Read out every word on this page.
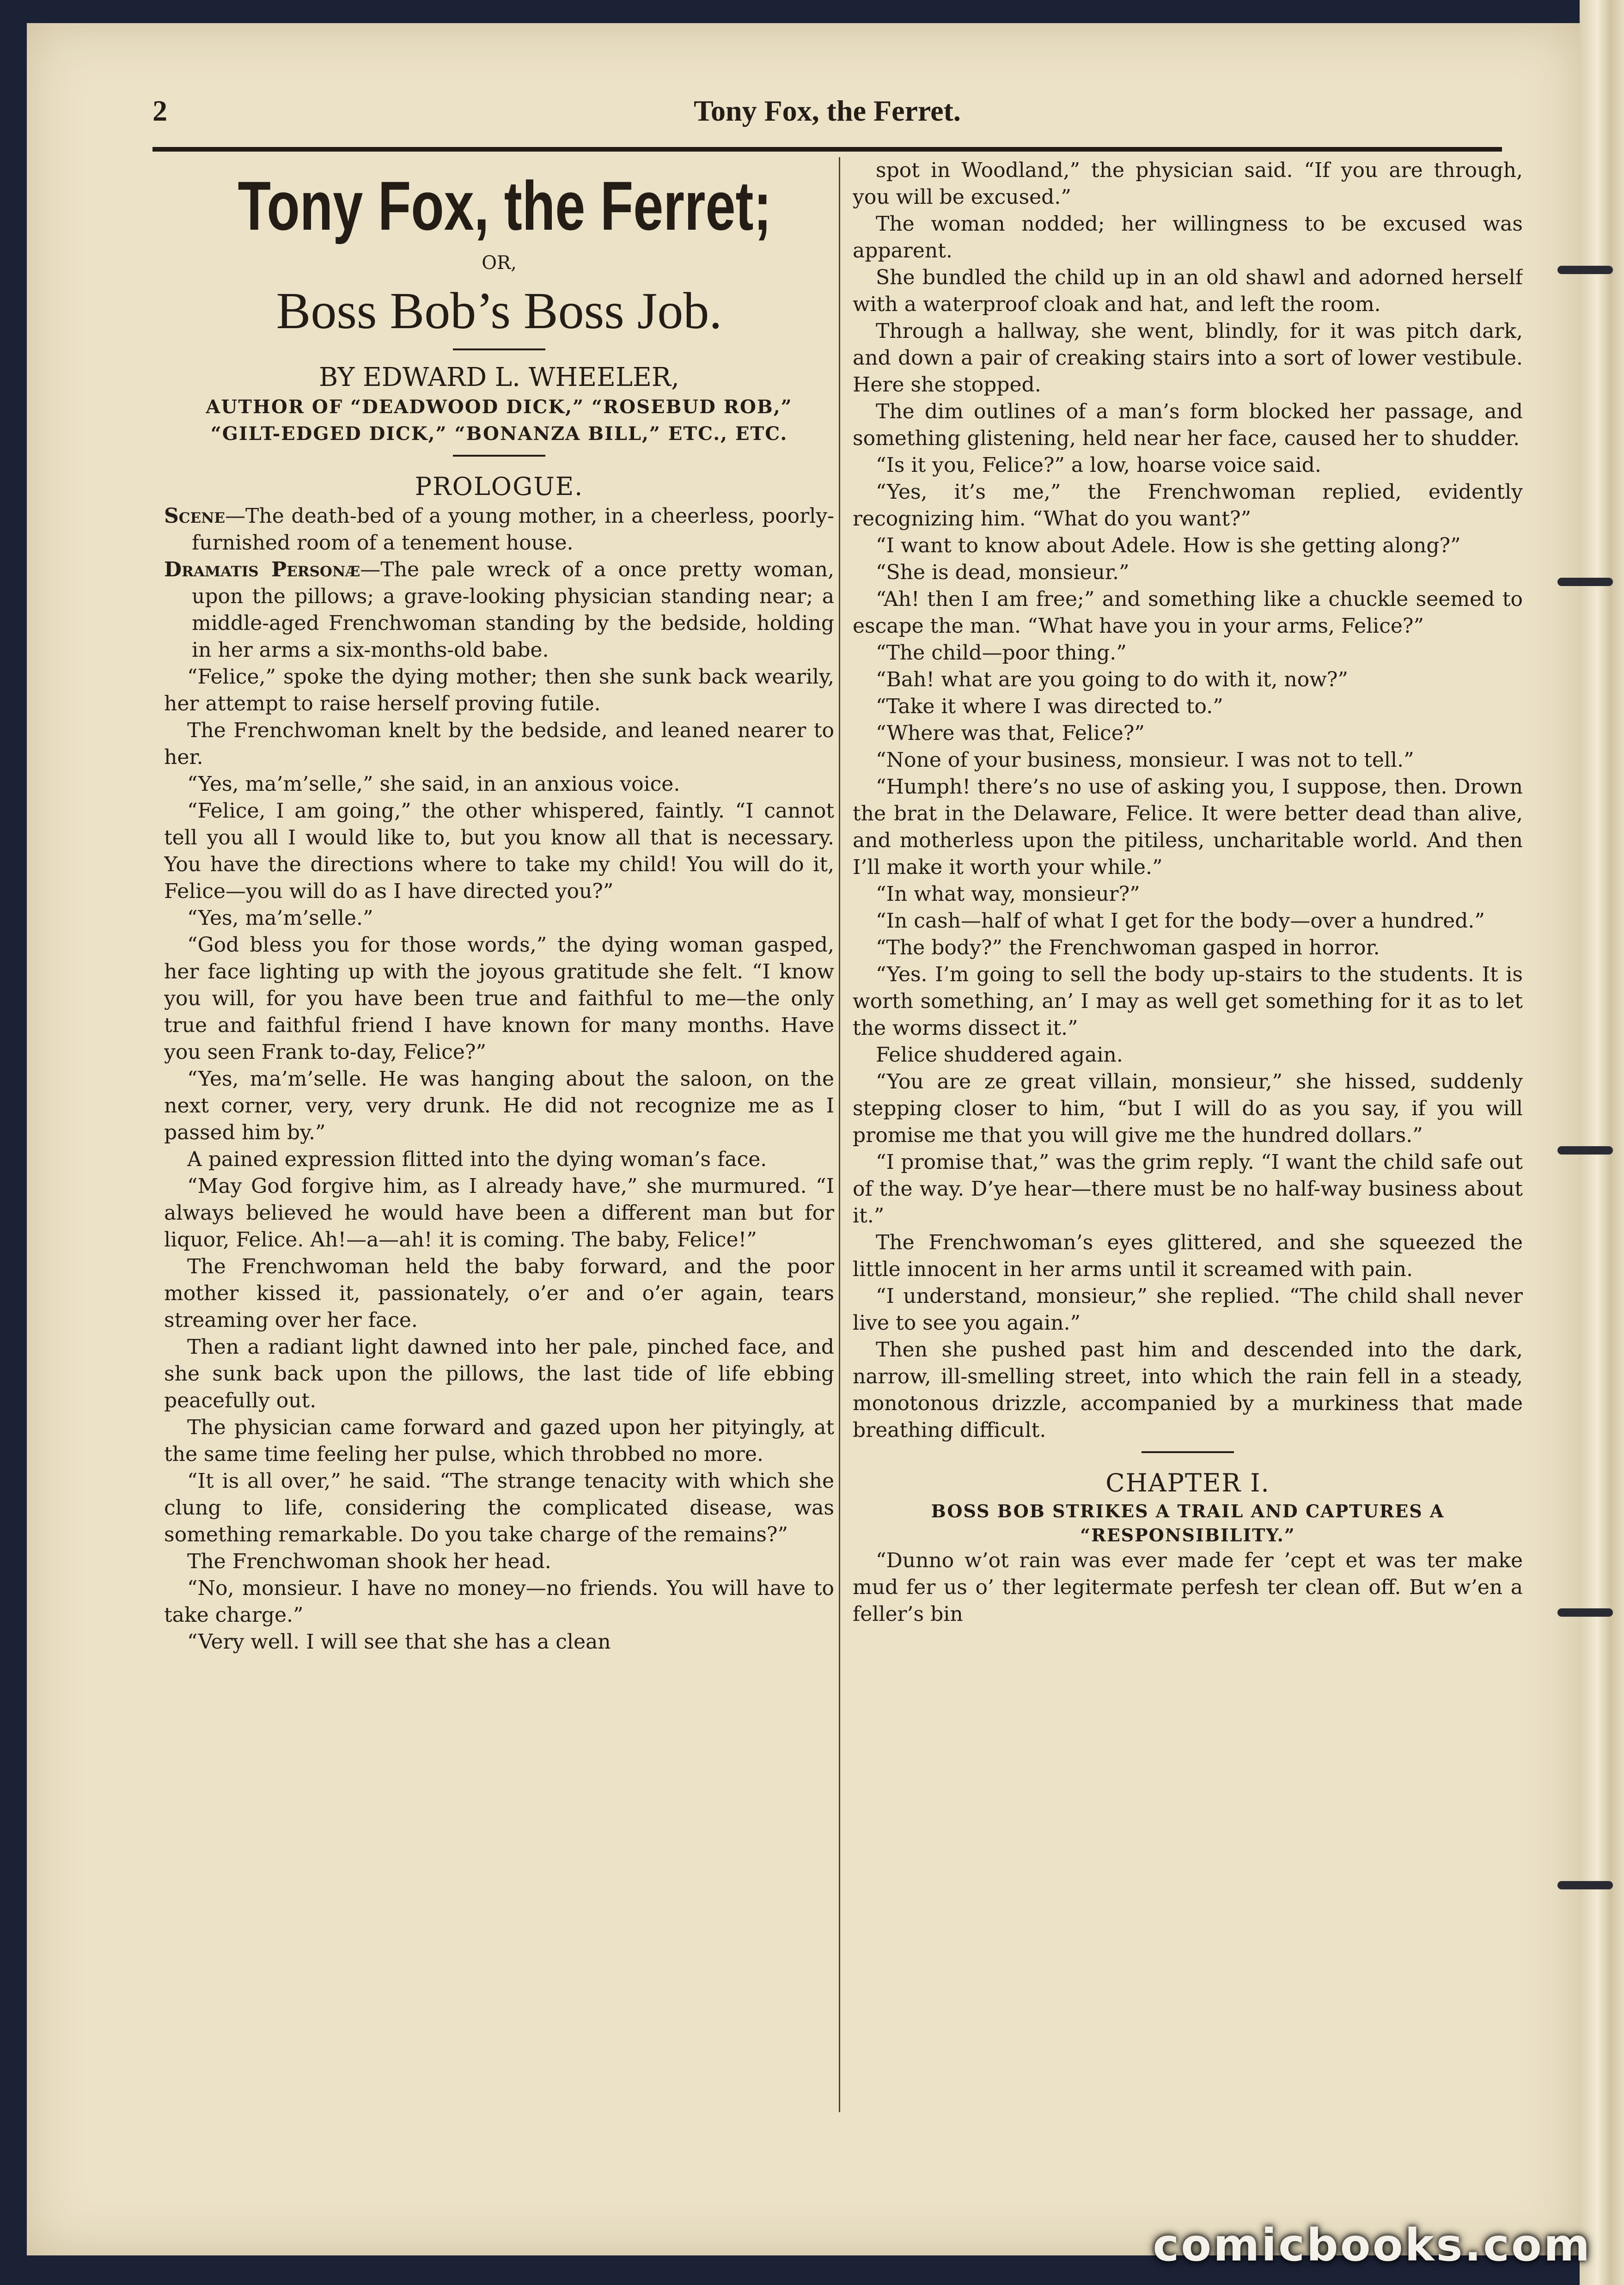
2	Tony Fox, the Ferret.
Tony Fox, the Ferret;
OR,
Boss Bob’s Boss Job.
BY EDWARD L. WHEELER,
AUTHOR OF “DEADWOOD DICK,” “ROSEBUD ROB,” “GILT-EDGED DICK,” “BONANZA BILL,” ETC., ETC.
PROLOGUE.

Scene—The death-bed of a young mother, in a cheerless, poorly-furnished room of a tenement house.

Dramatis Personæ—The pale wreck of a once pretty woman, upon the pillows; a grave-looking physician standing near; a middle-aged Frenchwoman standing by the bedside, holding in her arms a six-months-old babe.

“Felice,” spoke the dying mother; then she sunk back wearily, her attempt to raise herself proving futile.

The Frenchwoman knelt by the bedside, and leaned nearer to her.

“Yes, ma’m’selle,” she said, in an anxious voice.

“Felice, I am going,” the other whispered, faintly. “I cannot tell you all I would like to, but you know all that is necessary. You have the directions where to take my child! You will do it, Felice—you will do as I have directed you?”

“Yes, ma’m’selle.”

“God bless you for those words,” the dying woman gasped, her face lighting up with the joyous gratitude she felt. “I know you will, for you have been true and faithful to me—the only true and faithful friend I have known for many months. Have you seen Frank to-day, Felice?”

“Yes, ma’m’selle. He was hanging about the saloon, on the next corner, very, very drunk. He did not recognize me as I passed him by.”

A pained expression flitted into the dying woman’s face.

“May God forgive him, as I already have,” she murmured. “I always believed he would have been a different man but for liquor, Felice. Ah!—a—ah! it is coming. The baby, Felice!”

The Frenchwoman held the baby forward, and the poor mother kissed it, passionately, o’er and o’er again, tears streaming over her face.

Then a radiant light dawned into her pale, pinched face, and she sunk back upon the pillows, the last tide of life ebbing peacefully out.

The physician came forward and gazed upon her pityingly, at the same time feeling her pulse, which throbbed no more.

“It is all over,” he said. “The strange tenacity with which she clung to life, considering the complicated disease, was something remarkable. Do you take charge of the remains?”

The Frenchwoman shook her head.

“No, monsieur. I have no money—no friends. You will have to take charge.”

“Very well. I will see that she has a clean

spot in Woodland,” the physician said. “If you are through, you will be excused.”

The woman nodded; her willingness to be excused was apparent.

She bundled the child up in an old shawl and adorned herself with a waterproof cloak and hat, and left the room.

Through a hallway, she went, blindly, for it was pitch dark, and down a pair of creaking stairs into a sort of lower vestibule. Here she stopped.

The dim outlines of a man’s form blocked her passage, and something glistening, held near her face, caused her to shudder.

“Is it you, Felice?” a low, hoarse voice said.

“Yes, it’s me,” the Frenchwoman replied, evidently recognizing him. “What do you want?”

“I want to know about Adele. How is she getting along?”

“She is dead, monsieur.”

“Ah! then I am free;” and something like a chuckle seemed to escape the man. “What have you in your arms, Felice?”

“The child—poor thing.”

“Bah! what are you going to do with it, now?”

“Take it where I was directed to.”

“Where was that, Felice?”

“None of your business, monsieur. I was not to tell.”

“Humph! there’s no use of asking you, I suppose, then. Drown the brat in the Delaware, Felice. It were better dead than alive, and motherless upon the pitiless, uncharitable world. And then I’ll make it worth your while.”

“In what way, monsieur?”

“In cash—half of what I get for the body—over a hundred.”

“The body?” the Frenchwoman gasped in horror.

“Yes. I’m going to sell the body up-stairs to the students. It is worth something, an’ I may as well get something for it as to let the worms dissect it.”

Felice shuddered again.

“You are ze great villain, monsieur,” she hissed, suddenly stepping closer to him, “but I will do as you say, if you will promise me that you will give me the hundred dollars.”

“I promise that,” was the grim reply. “I want the child safe out of the way. D’ye hear—there must be no half-way business about it.”

The Frenchwoman’s eyes glittered, and she squeezed the little innocent in her arms until it screamed with pain.

“I understand, monsieur,” she replied. “The child shall never live to see you again.”

Then she pushed past him and descended into the dark, narrow, ill-smelling street, into which the rain fell in a steady, monotonous drizzle, accompanied by a murkiness that made breathing difficult.

CHAPTER I.
BOSS BOB STRIKES A TRAIL AND CAPTURES A “RESPONSIBILITY.”

“Dunno w’ot rain was ever made fer ’cept et was ter make mud fer us o’ ther legitermate perfesh ter clean off. But w’en a feller’s bin

comicbooks.com
